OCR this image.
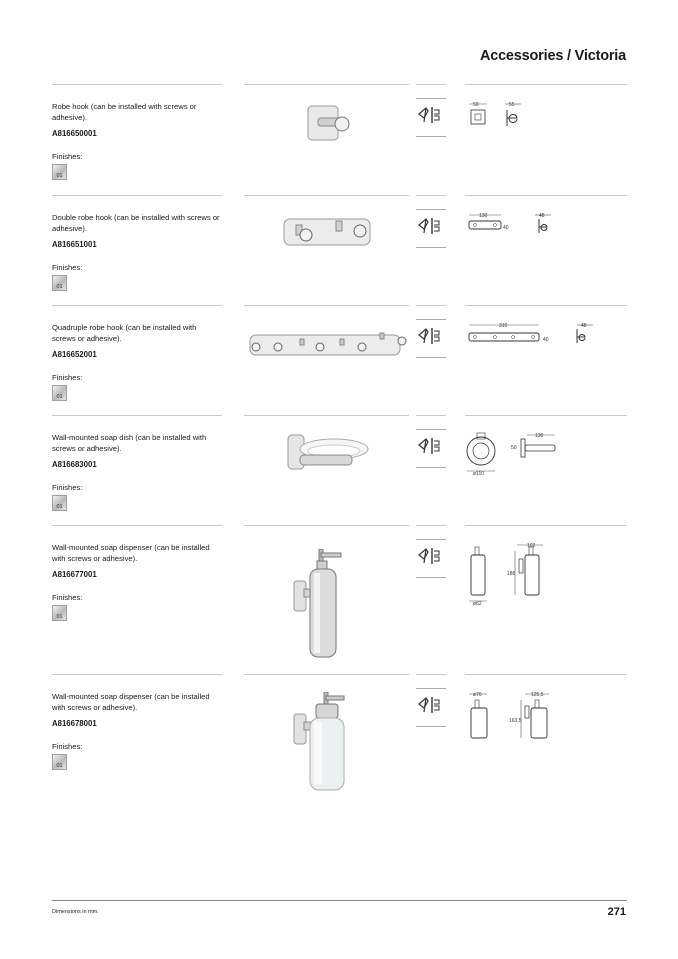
Accessories / Victoria
Robe hook (can be installed with screws or adhesive).
A816650001
Finishes:
01
50	55
Double robe hook (can be installed with screws or adhesive).
A816651001
Finishes:
01
130
40
48
Quadruple robe hook (can be installed with screws or adhesive).
A816652001
Finishes:
01
310
40
48
Wall-mounted soap dish (can be installed with screws or adhesive).
A816683001
Finishes:
01
ø110
130
50
Wall-mounted soap dispenser (can be installed with screws or adhesive).
A816677001
Finishes:
01
ø62
102
186
Wall-mounted soap dispenser (can be installed with screws or adhesive).
A816678001
Finishes:
01
ø76	125,5
163,5
Dimensions in mm.	271
